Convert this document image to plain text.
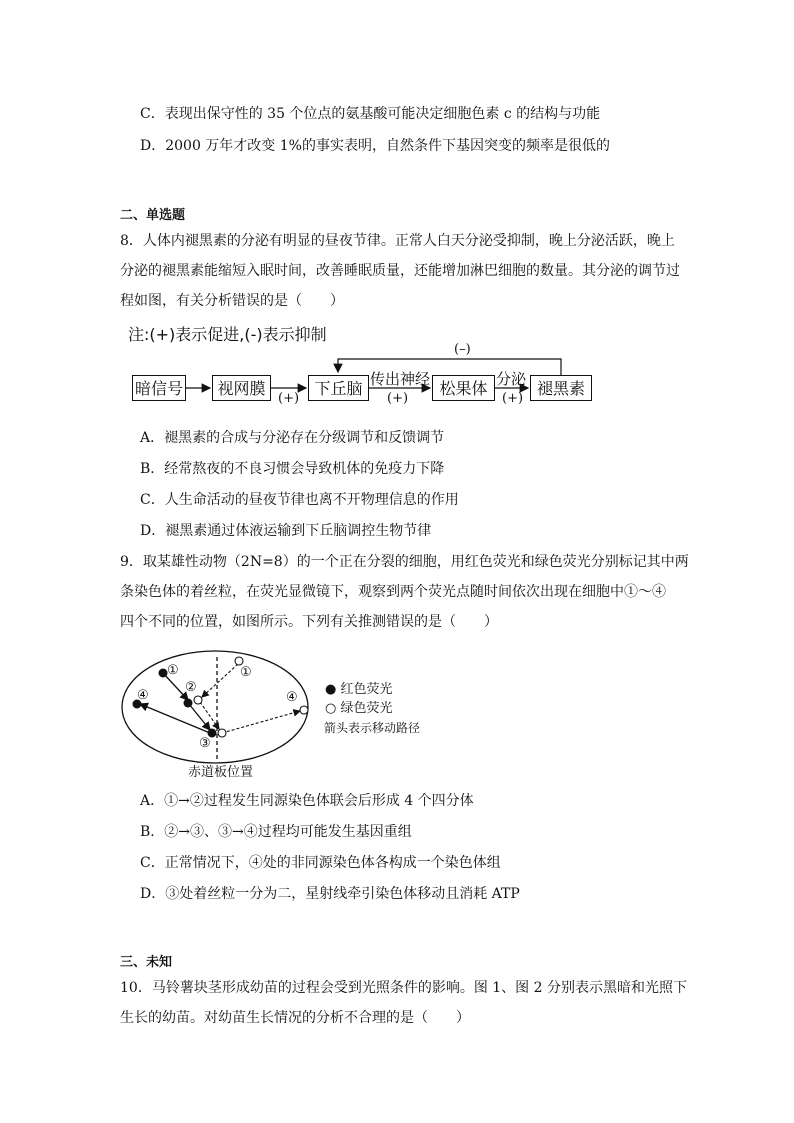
C．表现出保守性的 35 个位点的氨基酸可能决定细胞色素 c 的结构与功能
D．2000 万年才改变 1%的事实表明，自然条件下基因突变的频率是很低的
二、单选题
8．人体内褪黑素的分泌有明显的昼夜节律。正常人白天分泌受抑制，晚上分泌活跃，晚上
分泌的褪黑素能缩短入眠时间，改善睡眠质量，还能增加淋巴细胞的数量。其分泌的调节过
程如图，有关分析错误的是（　　）
注:(+)表示促进,(-)表示抑制
暗信号	视网膜	下丘脑	松果体	褪黑素
(+)
传出神经
(+)
分泌
(+)
(–)
A．褪黑素的合成与分泌存在分级调节和反馈调节
B．经常熬夜的不良习惯会导致机体的免疫力下降
C．人生命活动的昼夜节律也离不开物理信息的作用
D．褪黑素通过体液运输到下丘脑调控生物节律
9．取某雄性动物（2N=8）的一个正在分裂的细胞，用红色荧光和绿色荧光分别标记其中两
条染色体的着丝粒，在荧光显微镜下，观察到两个荧光点随时间依次出现在细胞中①～④
四个不同的位置，如图所示。下列有关推测错误的是（　　）
①
②
③
④
①
④
● 红色荧光
○ 绿色荧光
箭头表示移动路径
赤道板位置
A．①→②过程发生同源染色体联会后形成 4 个四分体
B．②→③、③→④过程均可能发生基因重组
C．正常情况下，④处的非同源染色体各构成一个染色体组
D．③处着丝粒一分为二，星射线牵引染色体移动且消耗 ATP
三、未知
10．马铃薯块茎形成幼苗的过程会受到光照条件的影响。图 1、图 2 分别表示黑暗和光照下
生长的幼苗。对幼苗生长情况的分析不合理的是（　　）
